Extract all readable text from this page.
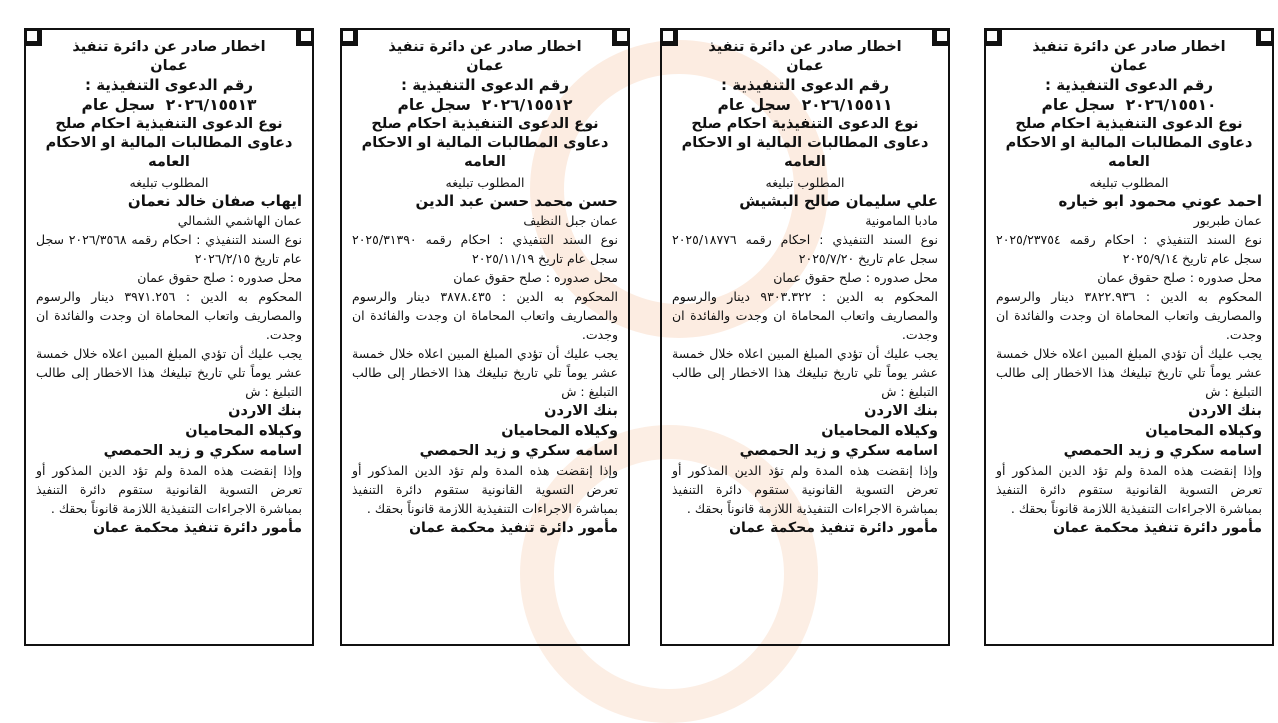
اخطار صادر عن دائرة تنفيذ
عمان
رقم الدعوى التنفيذية :
٢٠٢٦/١٥٥١٠  سجل عام
نوع الدعوى التنفيذية احكام صلح دعاوى المطالبات المالية او الاحكام العامه
المطلوب تبليغه
احمد عوني محمود ابو خياره
عمان طبربور
نوع السند التنفيذي : احكام رقمه ٢٠٢٥/٢٣٧٥٤ سجل عام تاريخ ٢٠٢٥/٩/١٤
محل صدوره : صلح حقوق عمان
المحكوم به الدين : ٣٨٢٢.٩٣٦ دينار والرسوم والمصاريف واتعاب المحاماة ان وجدت والفائدة ان وجدت.
يجب عليك أن تؤدي المبلغ المبين اعلاه خلال خمسة عشر يوماً تلي تاريخ تبليغك هذا الاخطار إلى طالب التبليغ : ش
بنك الاردن
وكيلاه المحاميان
اسامه سكري و زيد الحمصي
وإذا إنقضت هذه المدة ولم تؤد الدين المذكور أو تعرض التسوية القانونية ستقوم دائرة التنفيذ بمباشرة الاجراءات التنفيذية اللازمة قانوناً بحقك .
مأمور دائرة تنفيذ محكمة عمان
اخطار صادر عن دائرة تنفيذ
عمان
رقم الدعوى التنفيذية :
٢٠٢٦/١٥٥١١  سجل عام
نوع الدعوى التنفيذية احكام صلح دعاوى المطالبات المالية او الاحكام العامه
المطلوب تبليغه
علي سليمان صالح البشيش
مادبا المامونية
نوع السند التنفيذي : احكام رقمه ٢٠٢٥/١٨٧٧٦ سجل عام تاريخ ٢٠٢٥/٧/٢٠
محل صدوره : صلح حقوق عمان
المحكوم به الدين : ٩٣٠٣.٣٢٢ دينار والرسوم والمصاريف واتعاب المحاماة ان وجدت والفائدة ان وجدت.
يجب عليك أن تؤدي المبلغ المبين اعلاه خلال خمسة عشر يوماً تلي تاريخ تبليغك هذا الاخطار إلى طالب التبليغ : ش
بنك الاردن
وكيلاه المحاميان
اسامه سكري و زيد الحمصي
وإذا إنقضت هذه المدة ولم تؤد الدين المذكور أو تعرض التسوية القانونية ستقوم دائرة التنفيذ بمباشرة الاجراءات التنفيذية اللازمة قانوناً بحقك .
مأمور دائرة تنفيذ محكمة عمان
اخطار صادر عن دائرة تنفيذ
عمان
رقم الدعوى التنفيذية :
٢٠٢٦/١٥٥١٢  سجل عام
نوع الدعوى التنفيذية احكام صلح دعاوى المطالبات المالية او الاحكام العامه
المطلوب تبليغه
حسن محمد حسن عبد الدين
عمان جبل النظيف
نوع السند التنفيذي : احكام رقمه ٢٠٢٥/٣١٣٩٠ سجل عام تاريخ ٢٠٢٥/١١/١٩
محل صدوره : صلح حقوق عمان
المحكوم به الدين : ٣٨٧٨.٤٣٥ دينار والرسوم والمصاريف واتعاب المحاماة ان وجدت والفائدة ان وجدت.
يجب عليك أن تؤدي المبلغ المبين اعلاه خلال خمسة عشر يوماً تلي تاريخ تبليغك هذا الاخطار إلى طالب التبليغ : ش
بنك الاردن
وكيلاه المحاميان
اسامه سكري و زيد الحمصي
وإذا إنقضت هذه المدة ولم تؤد الدين المذكور أو تعرض التسوية القانونية ستقوم دائرة التنفيذ بمباشرة الاجراءات التنفيذية اللازمة قانوناً بحقك .
مأمور دائرة تنفيذ محكمة عمان
اخطار صادر عن دائرة تنفيذ
عمان
رقم الدعوى التنفيذية :
٢٠٢٦/١٥٥١٣  سجل عام
نوع الدعوى التنفيذية احكام صلح دعاوى المطالبات المالية او الاحكام العامه
المطلوب تبليغه
ايهاب صفان خالد نعمان
عمان الهاشمي الشمالي
نوع السند التنفيذي : احكام رقمه ٢٠٢٦/٣٥٦٨ سجل عام تاريخ ٢٠٢٦/٢/١٥
محل صدوره : صلح حقوق عمان
المحكوم به الدين : ٣٩٧١.٢٥٦ دينار والرسوم والمصاريف واتعاب المحاماة ان وجدت والفائدة ان وجدت.
يجب عليك أن تؤدي المبلغ المبين اعلاه خلال خمسة عشر يوماً تلي تاريخ تبليغك هذا الاخطار إلى طالب التبليغ : ش
بنك الاردن
وكيلاه المحاميان
اسامه سكري و زيد الحمصي
وإذا إنقضت هذه المدة ولم تؤد الدين المذكور أو تعرض التسوية القانونية ستقوم دائرة التنفيذ بمباشرة الاجراءات التنفيذية اللازمة قانوناً بحقك .
مأمور دائرة تنفيذ محكمة عمان
